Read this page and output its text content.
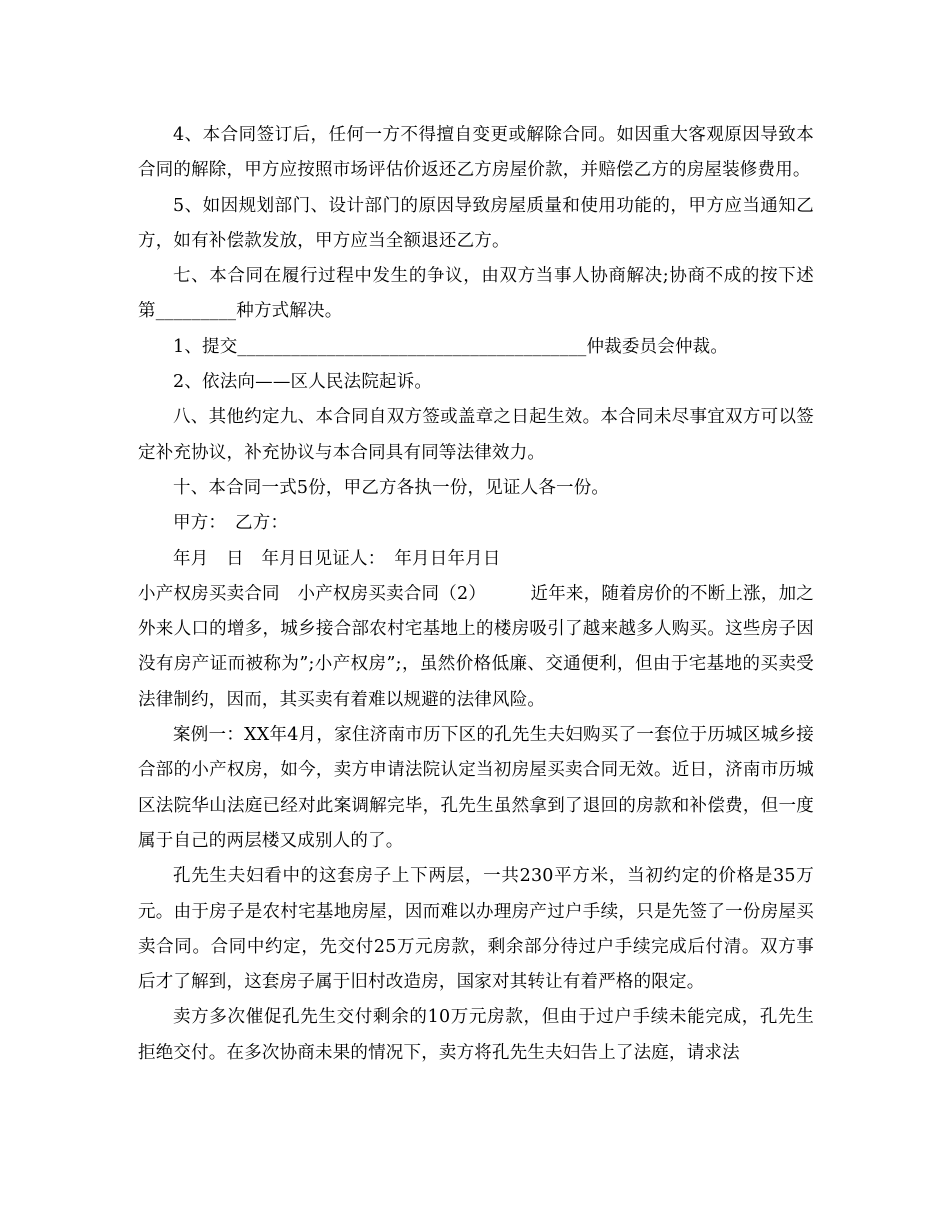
4、本合同签订后，任何一方不得擅自变更或解除合同。如因重大客观原因导致本合同的解除，甲方应按照市场评估价返还乙方房屋价款，并赔偿乙方的房屋装修费用。

5、如因规划部门、设计部门的原因导致房屋质量和使用功能的，甲方应当通知乙方，如有补偿款发放，甲方应当全额退还乙方。

七、本合同在履行过程中发生的争议，由双方当事人协商解决;协商不成的按下述第_________种方式解决。

1、提交_______________________________________仲裁委员会仲裁。

2、依法向——区人民法院起诉。

八、其他约定九、本合同自双方签或盖章之日起生效。本合同未尽事宜双方可以签定补充协议，补充协议与本合同具有同等法律效力。

十、本合同一式5份，甲乙方各执一份，见证人各一份。

甲方：　乙方：

年月　日　年月日见证人：　年月日年月日

小产权房买卖合同　小产权房买卖合同（2）　　　近年来，随着房价的不断上涨，加之外来人口的增多，城乡接合部农村宅基地上的楼房吸引了越来越多人购买。这些房子因没有房产证而被称为”;小产权房”;，虽然价格低廉、交通便利，但由于宅基地的买卖受法律制约，因而，其买卖有着难以规避的法律风险。

案例一：XX年4月，家住济南市历下区的孔先生夫妇购买了一套位于历城区城乡接合部的小产权房，如今，卖方申请法院认定当初房屋买卖合同无效。近日，济南市历城区法院华山法庭已经对此案调解完毕，孔先生虽然拿到了退回的房款和补偿费，但一度属于自己的两层楼又成别人的了。

孔先生夫妇看中的这套房子上下两层，一共230平方米，当初约定的价格是35万元。由于房子是农村宅基地房屋，因而难以办理房产过户手续，只是先签了一份房屋买卖合同。合同中约定，先交付25万元房款，剩余部分待过户手续完成后付清。双方事后才了解到，这套房子属于旧村改造房，国家对其转让有着严格的限定。

卖方多次催促孔先生交付剩余的10万元房款，但由于过户手续未能完成，孔先生拒绝交付。在多次协商未果的情况下，卖方将孔先生夫妇告上了法庭，请求法
